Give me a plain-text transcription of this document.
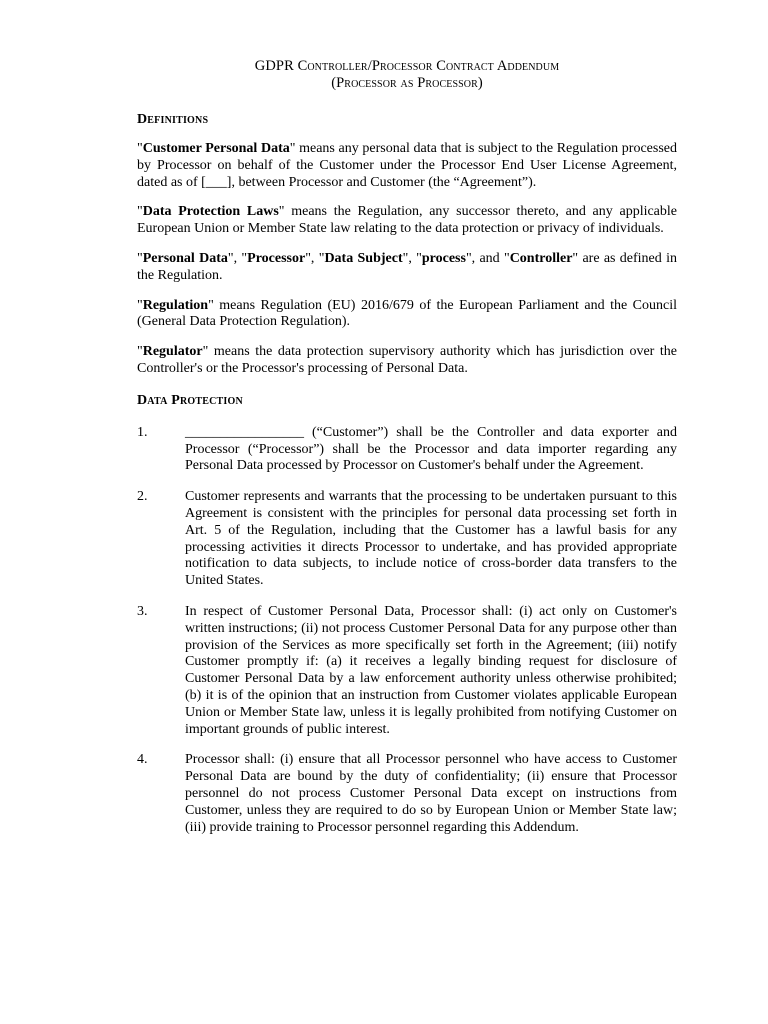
GDPR Controller/Processor Contract Addendum

(Processor as Processor)

Definitions

"Customer Personal Data" means any personal data that is subject to the Regulation processed by Processor on behalf of the Customer under the Processor End User License Agreement, dated as of [___], between Processor and Customer (the “Agreement”).

"Data Protection Laws" means the Regulation, any successor thereto, and any applicable European Union or Member State law relating to the data protection or privacy of individuals.

"Personal Data", "Processor", "Data Subject", "process", and "Controller" are as defined in the Regulation.

"Regulation" means Regulation (EU) 2016/679 of the European Parliament and the Council (General Data Protection Regulation).

"Regulator" means the data protection supervisory authority which has jurisdiction over the Controller's or the Processor's processing of Personal Data.

Data Protection

1.	_________________ (“Customer”) shall be the Controller and data exporter and Processor (“Processor”) shall be the Processor and data importer regarding any Personal Data processed by Processor on Customer's behalf under the Agreement.
2.	Customer represents and warrants that the processing to be undertaken pursuant to this Agreement is consistent with the principles for personal data processing set forth in Art. 5 of the Regulation, including that the Customer has a lawful basis for any processing activities it directs Processor to undertake, and has provided appropriate notification to data subjects, to include notice of cross-border data transfers to the United States.
3.	In respect of Customer Personal Data, Processor shall: (i) act only on Customer's written instructions; (ii) not process Customer Personal Data for any purpose other than provision of the Services as more specifically set forth in the Agreement; (iii) notify Customer promptly if: (a) it receives a legally binding request for disclosure of Customer Personal Data by a law enforcement authority unless otherwise prohibited; (b) it is of the opinion that an instruction from Customer violates applicable European Union or Member State law, unless it is legally prohibited from notifying Customer on important grounds of public interest.
4.	Processor shall: (i) ensure that all Processor personnel who have access to Customer Personal Data are bound by the duty of confidentiality; (ii) ensure that Processor personnel do not process Customer Personal Data except on instructions from Customer, unless they are required to do so by European Union or Member State law; (iii) provide training to Processor personnel regarding this Addendum.
